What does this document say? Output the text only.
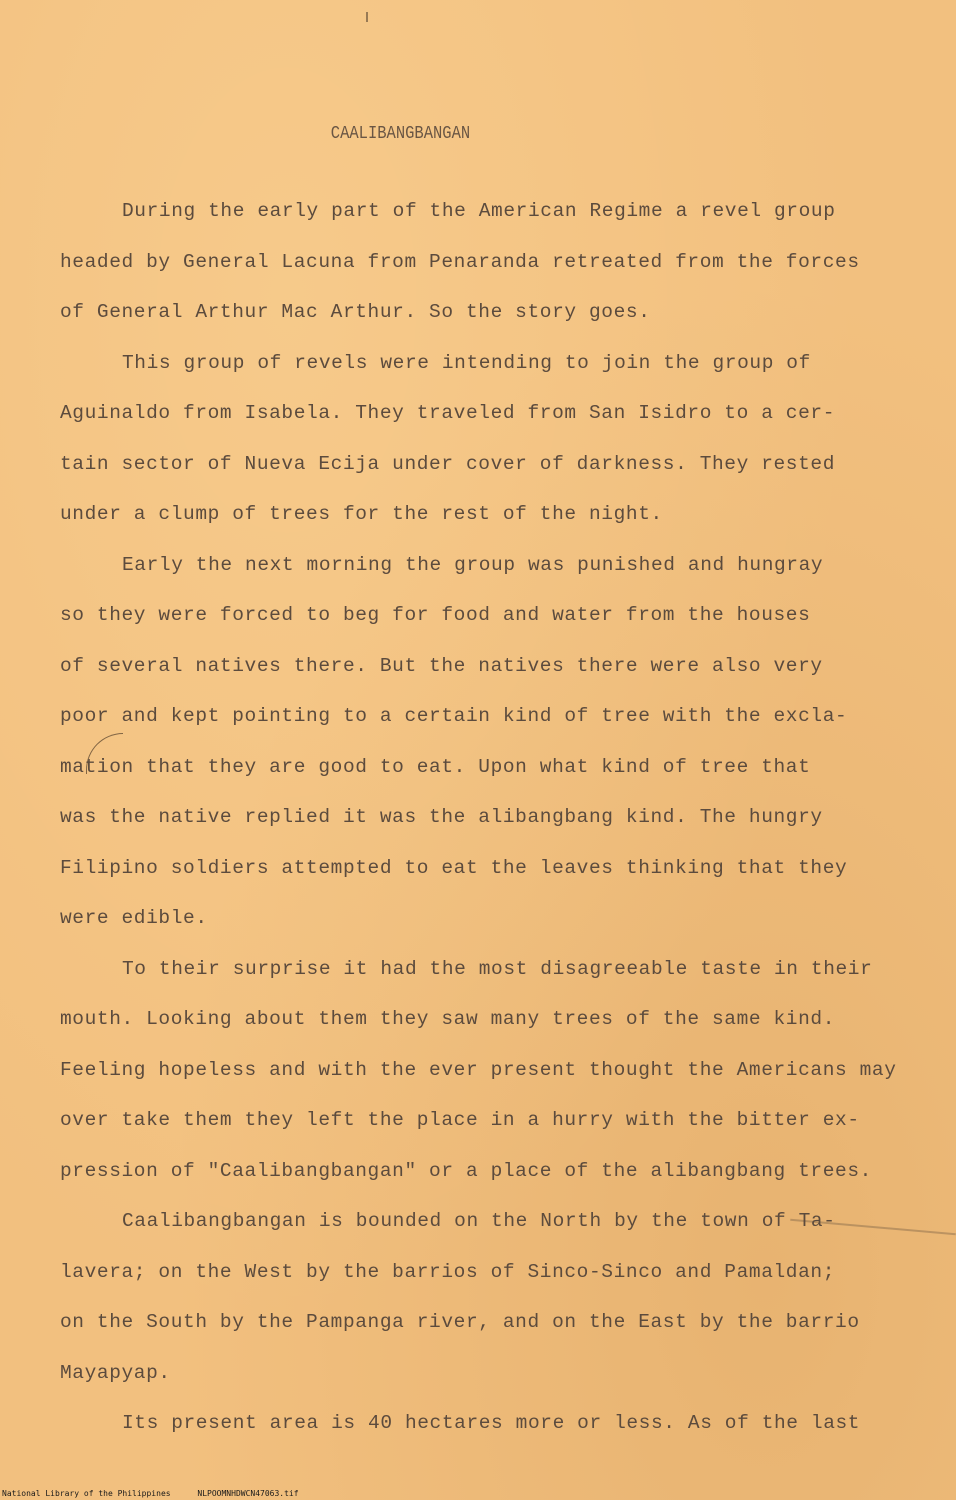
CAALIBANGBANGAN
During the early part of the American Regime a revel group
headed by General Lacuna from Penaranda retreated from the forces
of General Arthur Mac Arthur. So the story goes.
This group of revels were intending to join the group of
Aguinaldo from Isabela. They traveled from San Isidro to a cer-
tain sector of Nueva Ecija under cover of darkness. They rested
under a clump of trees for the rest of the night.
Early the next morning the group was punished and hungray
so they were forced to beg for food and water from the houses
of several natives there. But the natives there were also very
poor and kept pointing to a certain kind of tree with the excla-
mation that they are good to eat. Upon what kind of tree that
was the native replied it was the alibangbang kind. The hungry
Filipino soldiers attempted to eat the leaves thinking that they
were edible.
To their surprise it had the most disagreeable taste in their
mouth. Looking about them they saw many trees of the same kind.
Feeling hopeless and with the ever present thought the Americans may
over take them they left the place in a hurry with the bitter ex-
pression of "Caalibangbangan" or a place of the alibangbang trees.
Caalibangbangan is bounded on the North by the town of Ta-
lavera; on the West by the barrios of Sinco-Sinco and Pamaldan;
on the South by the Pampanga river, and on the East by the barrio
Mayapyap.
Its present area is 40 hectares more or less. As of the last
National Library of the Philippines	NLPOOMNHDWCN47063.tif
